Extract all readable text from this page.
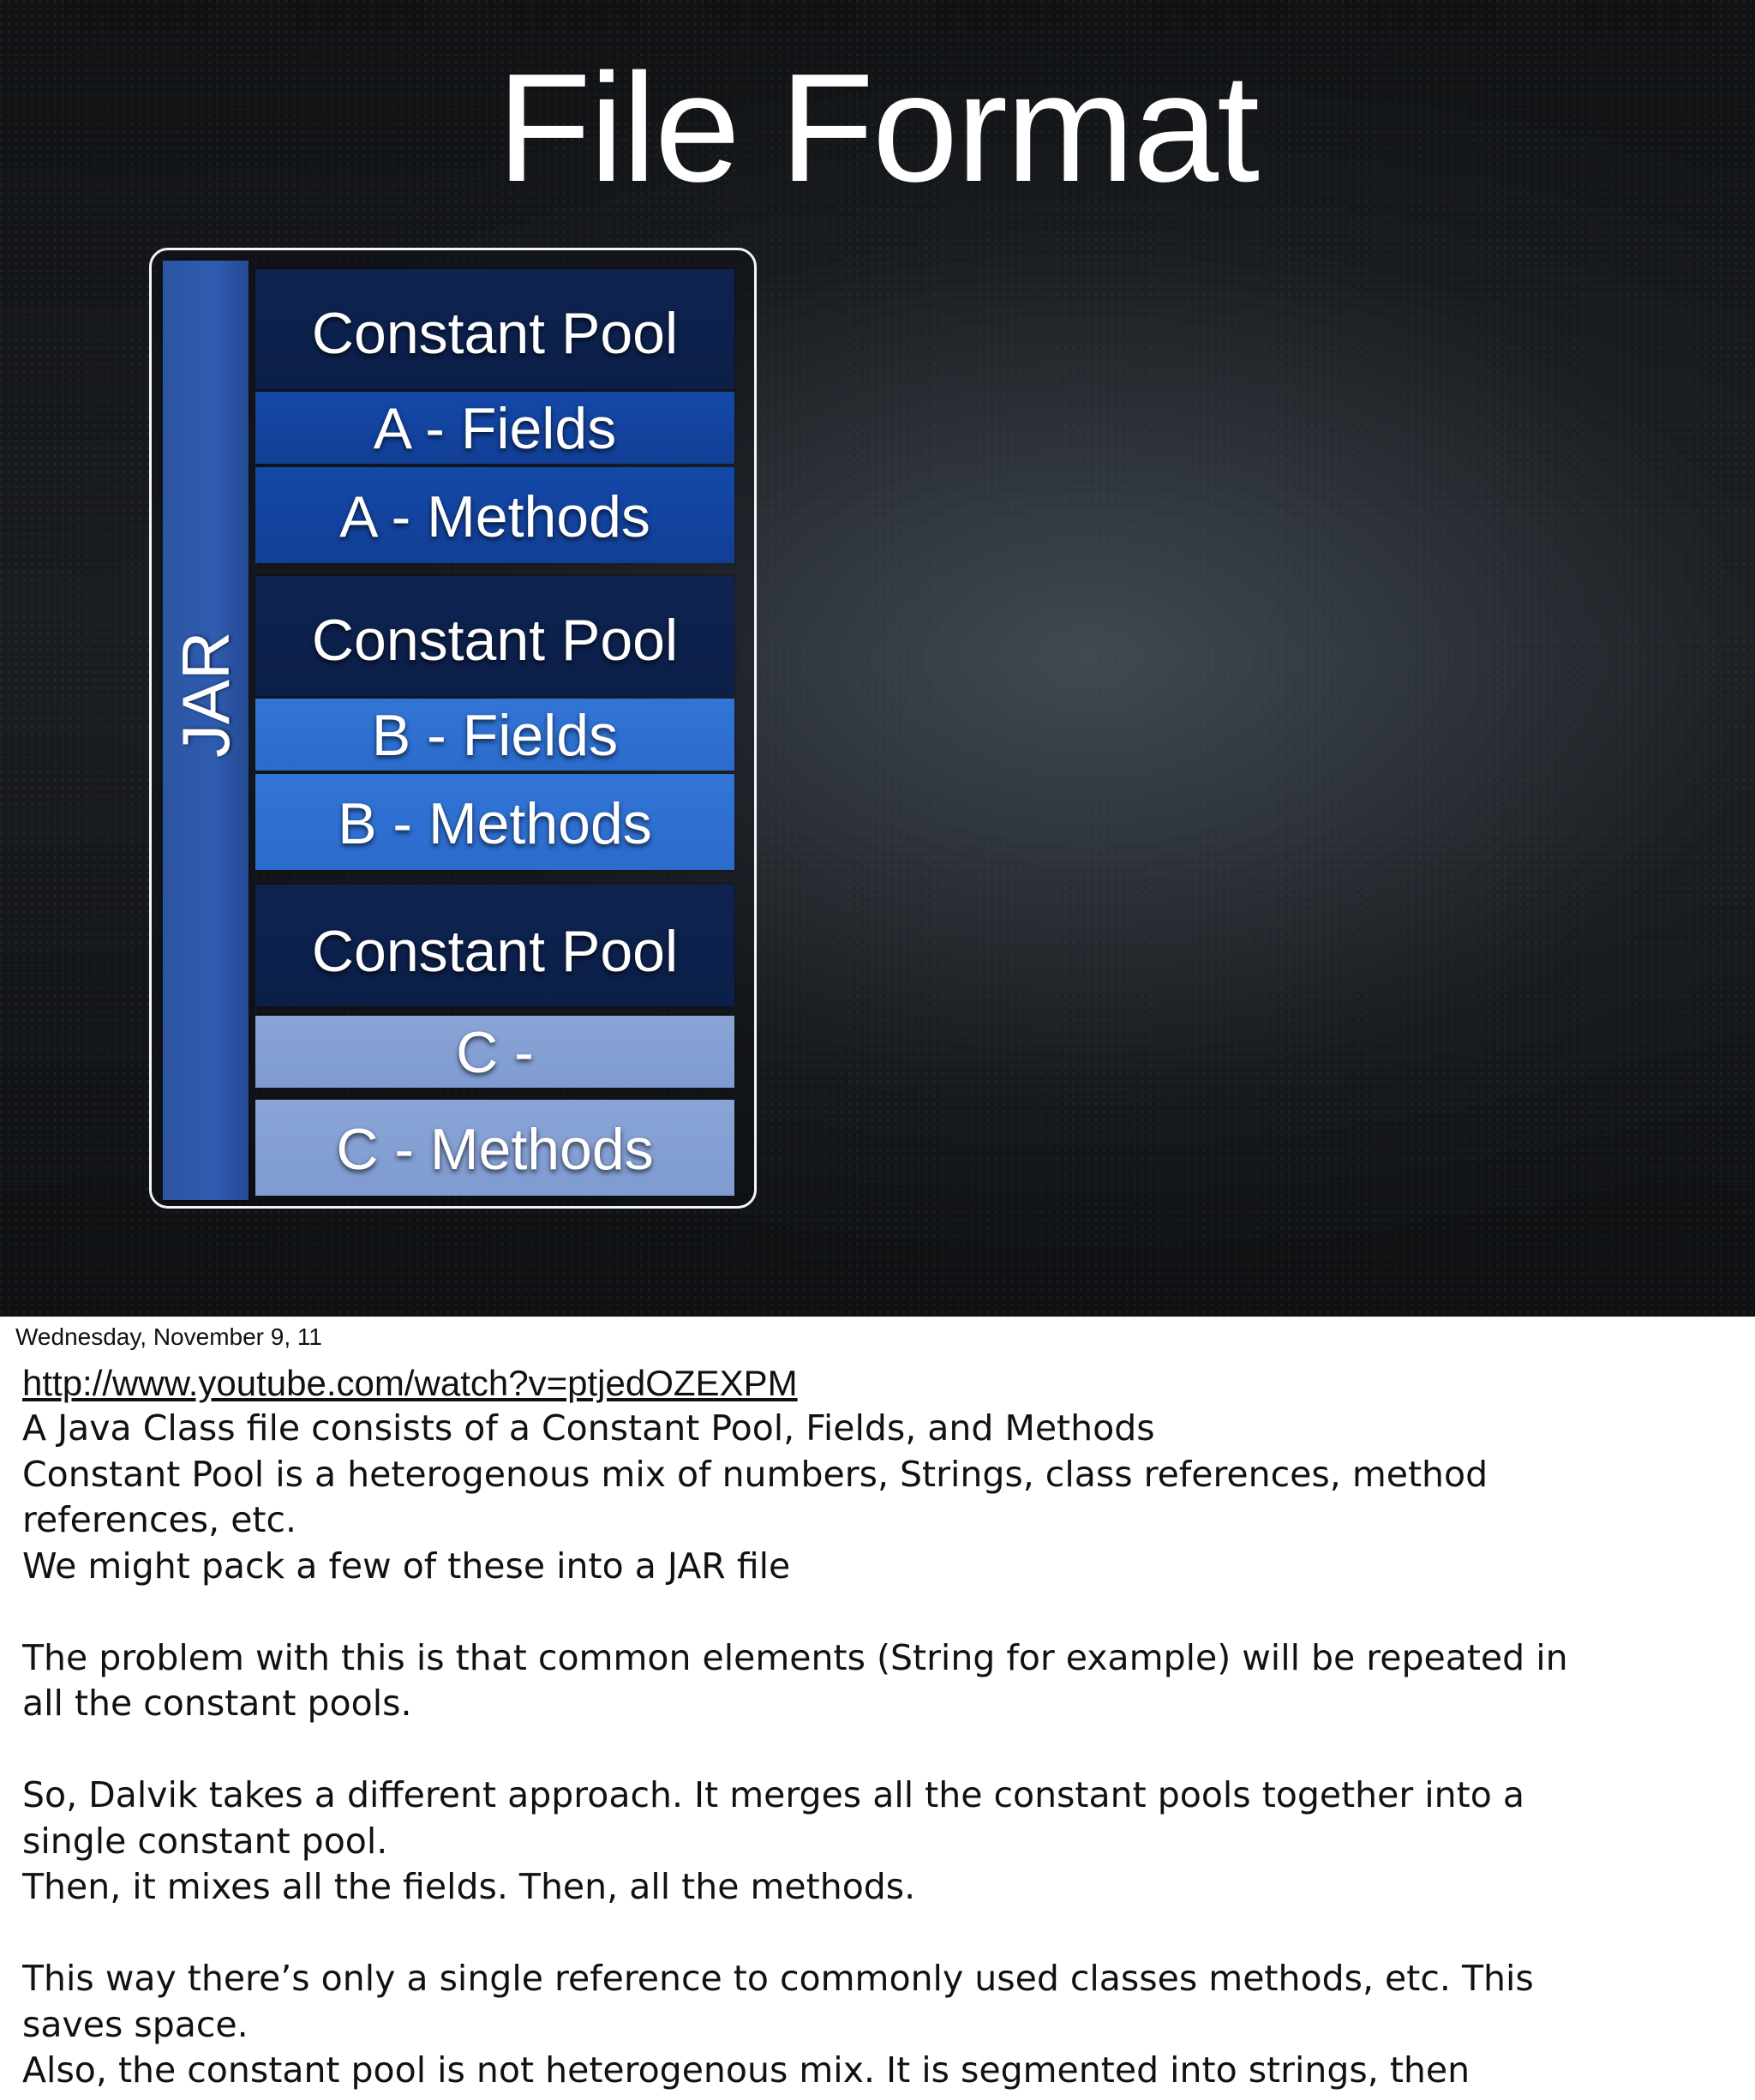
File Format

JAR

Constant Pool
A - Fields
A - Methods
Constant Pool
B - Fields
B - Methods
Constant Pool
C -
C - Methods

Wednesday, November 9, 11

http://www.youtube.com/watch?v=ptjedOZEXPM

A Java Class file consists of a Constant Pool, Fields, and Methods

Constant Pool is a heterogenous mix of numbers, Strings, class references, method

references, etc.

We might pack a few of these into a JAR file

The problem with this is that common elements (String for example) will be repeated in

all the constant pools.

So, Dalvik takes a different approach. It merges all the constant pools together into a

single constant pool.

Then, it mixes all the fields. Then, all the methods.

This way there’s only a single reference to commonly used classes methods, etc. This

saves space.

Also, the constant pool is not heterogenous mix. It is segmented into strings, then
